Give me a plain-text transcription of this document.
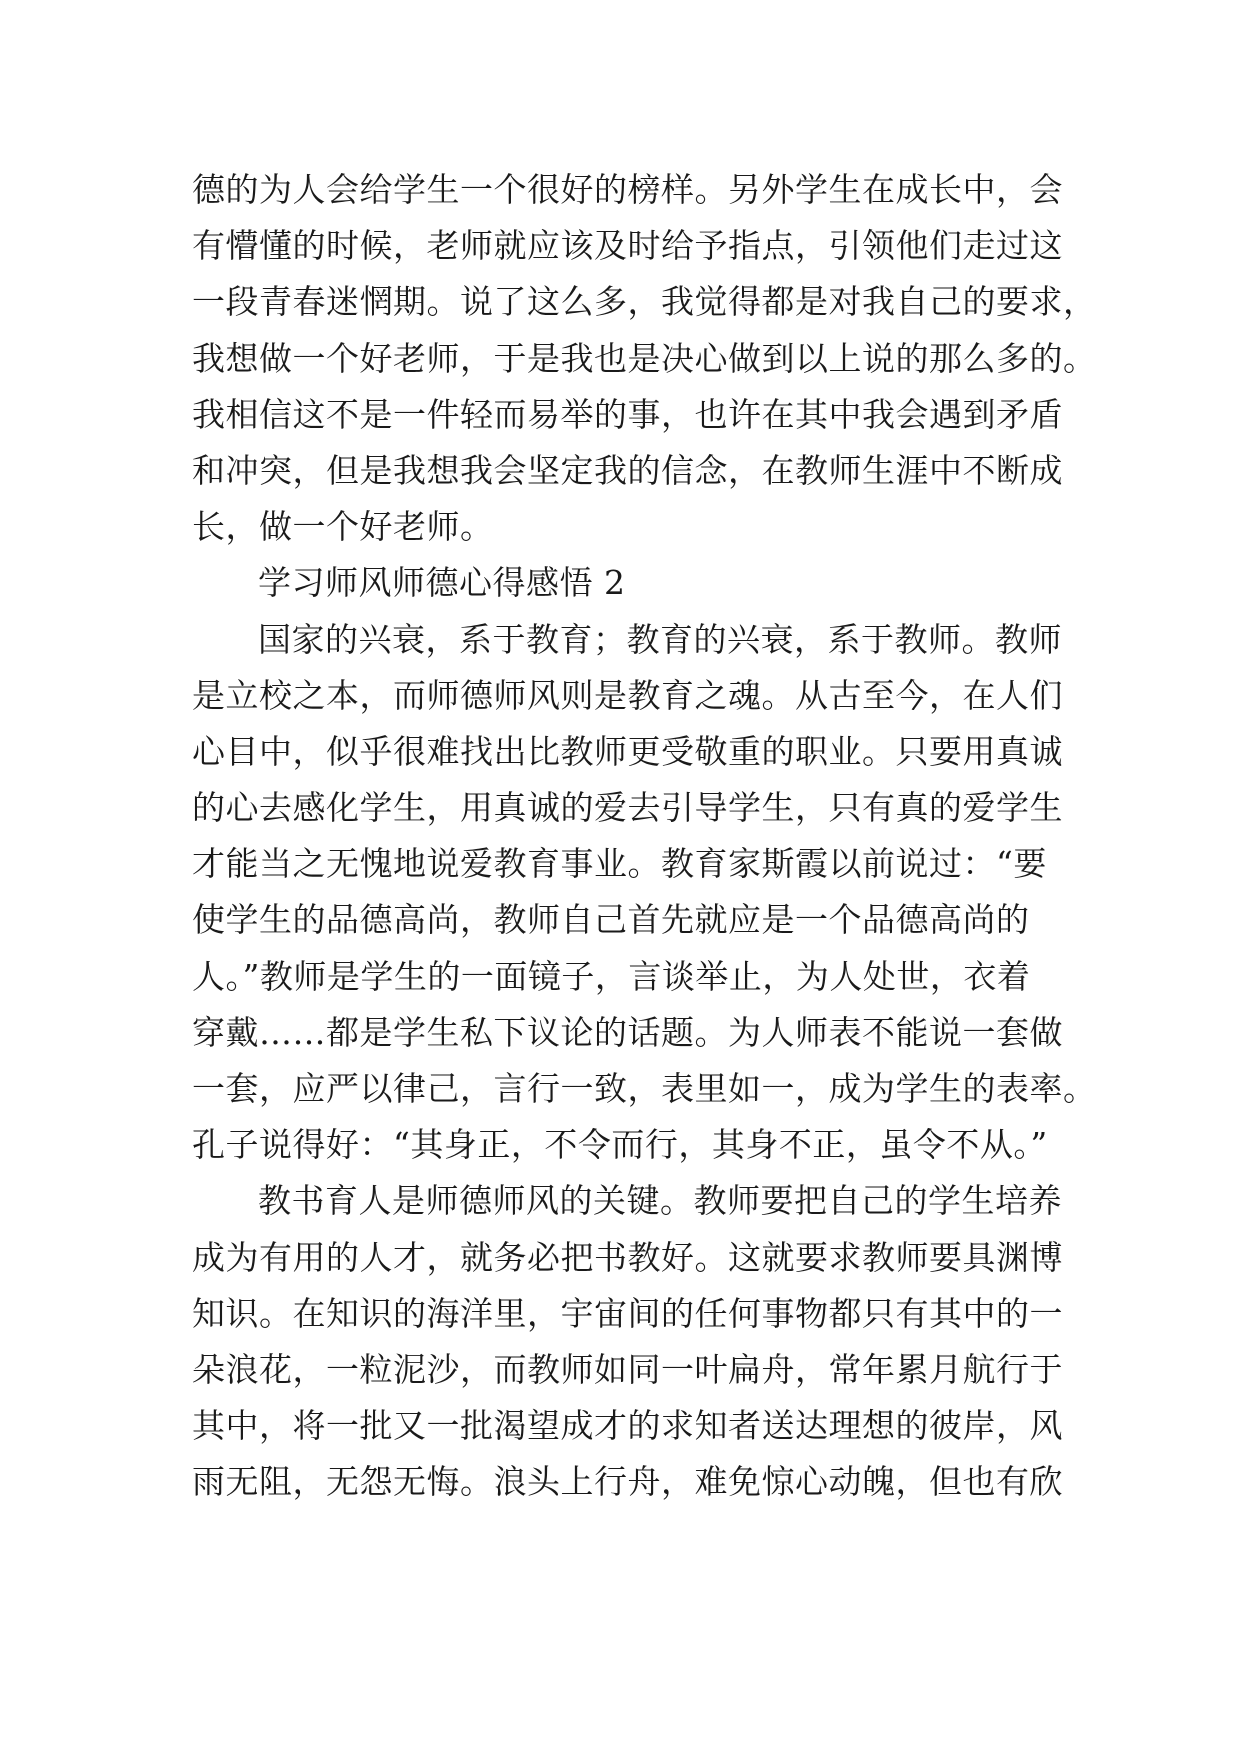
德的为人会给学生一个很好的榜样。另外学生在成长中，会
有懵懂的时候，老师就应该及时给予指点，引领他们走过这
一段青春迷惘期。说了这么多，我觉得都是对我自己的要求，
我想做一个好老师，于是我也是决心做到以上说的那么多的。
我相信这不是一件轻而易举的事，也许在其中我会遇到矛盾
和冲突，但是我想我会坚定我的信念，在教师生涯中不断成
长，做一个好老师。
学习师风师德心得感悟 2
国家的兴衰，系于教育；教育的兴衰，系于教师。教师
是立校之本，而师德师风则是教育之魂。从古至今，在人们
心目中，似乎很难找出比教师更受敬重的职业。只要用真诚
的心去感化学生，用真诚的爱去引导学生，只有真的爱学生
才能当之无愧地说爱教育事业。教育家斯霞以前说过：“要
使学生的品德高尚，教师自己首先就应是一个品德高尚的
人。”教师是学生的一面镜子，言谈举止，为人处世，衣着
穿戴……都是学生私下议论的话题。为人师表不能说一套做
一套，应严以律己，言行一致，表里如一，成为学生的表率。
孔子说得好：“其身正，不令而行，其身不正，虽令不从。”
教书育人是师德师风的关键。教师要把自己的学生培养
成为有用的人才，就务必把书教好。这就要求教师要具渊博
知识。在知识的海洋里，宇宙间的任何事物都只有其中的一
朵浪花，一粒泥沙，而教师如同一叶扁舟，常年累月航行于
其中，将一批又一批渴望成才的求知者送达理想的彼岸，风
雨无阻，无怨无悔。浪头上行舟，难免惊心动魄，但也有欣
